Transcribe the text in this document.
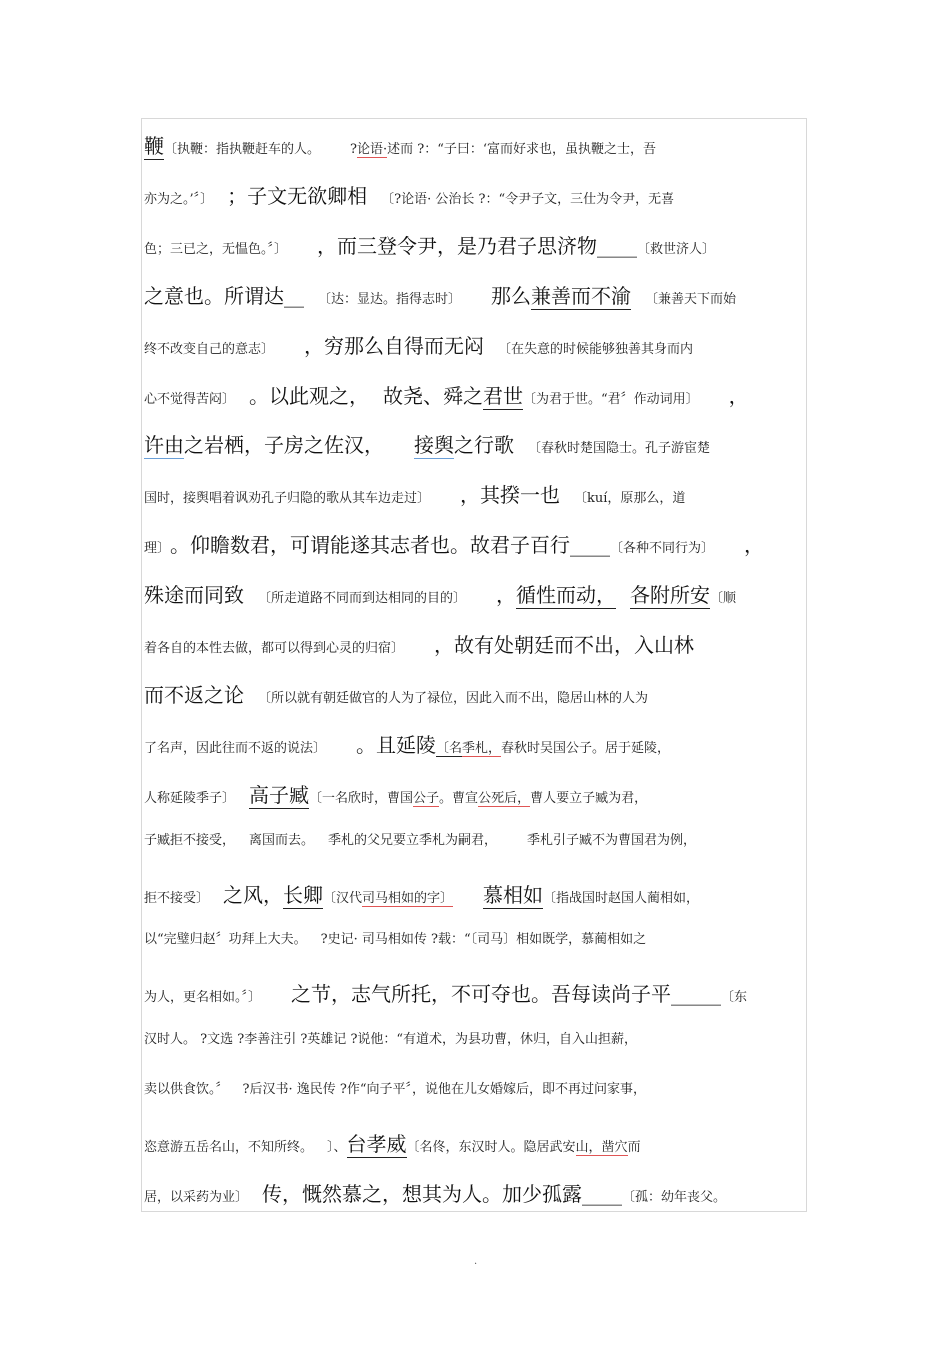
鞭〔执鞭：指执鞭赶车的人。 ?论语·述而 ?：“子曰：‘富而好求也，虽执鞭之士，吾
亦为之。’〞〕 ；子文无欲卿相 〔?论语· 公治长 ?：“令尹子文，三仕为令尹，无喜
色；三已之，无愠色。〞〕 ，而三登令尹，是乃君子思济物____〔救世济人〕
之意也。所谓达__ 〔达：显达。指得志时〕 那么兼善而不渝 〔兼善天下而始
终不改变自己的意志〕 ，穷那么自得而无闷 〔在失意的时候能够独善其身而内
心不觉得苦闷〕 。以此观之， 故尧、舜之君世〔为君于世。“君〞作动词用〕 ，
许由之岩栖，子房之佐汉， 接舆之行歌 〔春秋时楚国隐士。孔子游宦楚
国时，接舆唱着讽劝孔子归隐的歌从其车边走过〕 ，其揆一也 〔kuí，原那么，道
理〕。仰瞻数君，可谓能遂其志者也。故君子百行____〔各种不同行为〕 ，
殊途而同致 〔所走道路不同而到达相同的目的〕 ，循性而动， 各附所安〔顺
着各自的本性去做，都可以得到心灵的归宿〕 ，故有处朝廷而不出，入山林
而不返之论 〔所以就有朝廷做官的人为了禄位，因此入而不出，隐居山林的人为
了名声，因此往而不返的说法〕 。且延陵〔名季札，春秋时吴国公子。居于延陵，
人称延陵季子〕 高子臧〔一名欣时，曹国公子。曹宣公死后，曹人要立子臧为君，
子臧拒不接受， 离国而去。 季札的父兄要立季札为嗣君， 季札引子臧不为曹国君为例，
拒不接受〕 之风，长卿〔汉代司马相如的字〕 慕相如〔指战国时赵国人蔺相如，
以“完璧归赵〞功拜上大夫。 ?史记· 司马相如传 ?载：“〔司马〕相如既学，慕蔺相如之
为人，更名相如。〞〕 之节，志气所托，不可夺也。吾每读尚子平_____〔东
汉时人。 ?文选 ?李善注引 ?英雄记 ?说他：“有道术，为县功曹，休归，自入山担薪，
卖以供食饮。〞 ?后汉书· 逸民传 ?作“向子平〞，说他在儿女婚嫁后，即不再过问家事，
恣意游五岳名山，不知所终。 〕、台孝威〔名佟，东汉时人。隐居武安山，凿穴而
居，以采药为业〕 传，慨然慕之，想其为人。加少孤露____〔孤：幼年丧父。
.
